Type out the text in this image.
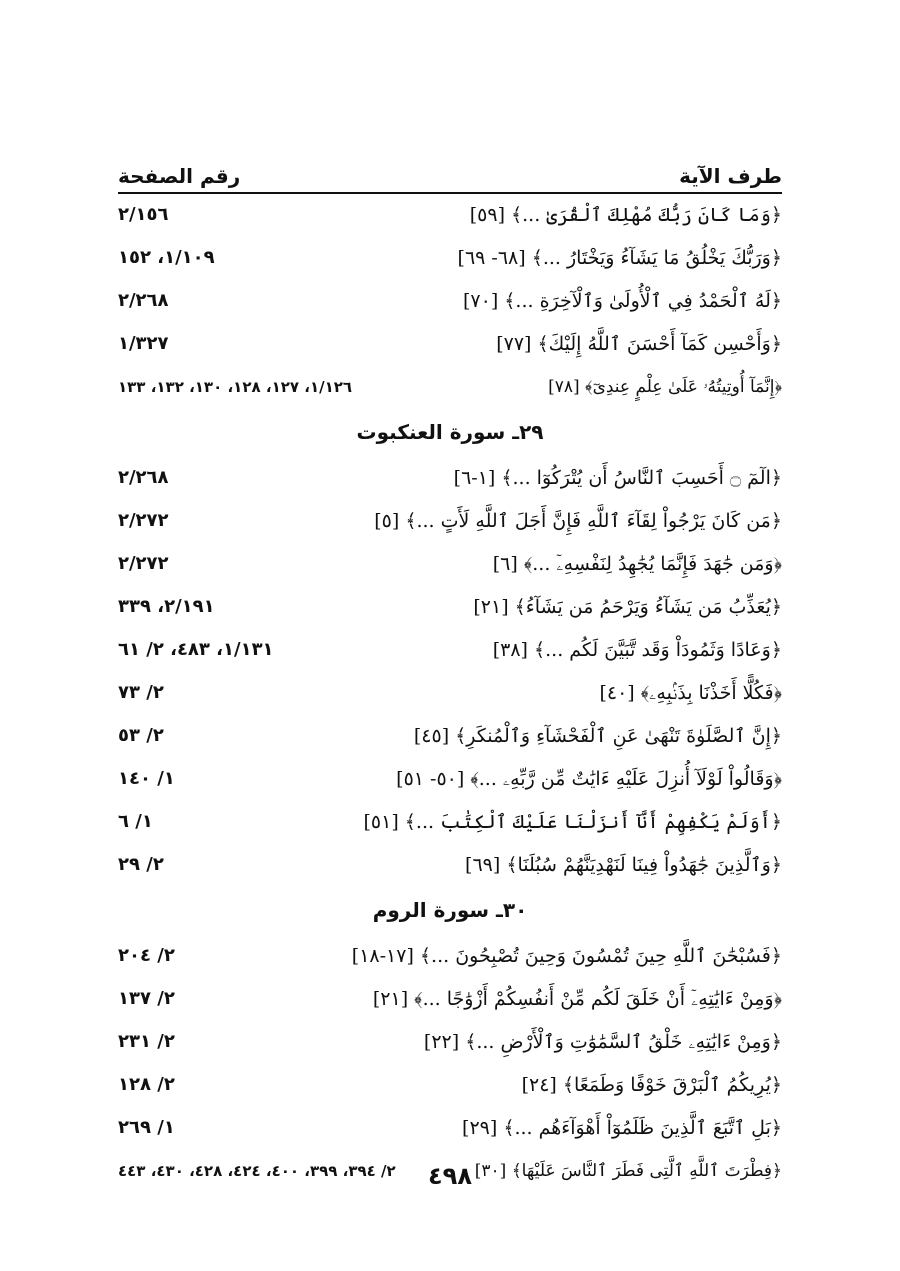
طرف الآية
رقم الصفحة
﴿وَمَا كَانَ رَبُّكَ مُهْلِكَ ٱلْقُرَىٰ ...﴾ [٥٩]
٢/١٥٦
﴿وَرَبُّكَ يَخْلُقُ مَا يَشَآءُ وَيَخْتَارُ ...﴾ [٦٨- ٦٩]
١/١٠٩، ١٥٢
﴿لَهُ ٱلْحَمْدُ فِي ٱلْأُولَىٰ وَٱلْآخِرَةِ ...﴾ [٧٠]
٢/٢٦٨
﴿وَأَحْسِن كَمَآ أَحْسَنَ ٱللَّهُ إِلَيْكَ﴾ [٧٧]
١/٣٢٧
﴿إِنَّمَآ أُوتِيتُهُۥ عَلَىٰ عِلْمٍ عِندِىٓ﴾ [٧٨]
١/١٢٦، ١٢٧، ١٢٨، ١٣٠، ١٣٢، ١٣٣
٢٩ـ سورة العنكبوت
﴿الٓمٓ ۝ أَحَسِبَ ٱلنَّاسُ أَن يُتْرَكُوٓا ...﴾ [١-٦]
٢/٢٦٨
﴿مَن كَانَ يَرْجُواْ لِقَآءَ ٱللَّهِ فَإِنَّ أَجَلَ ٱللَّهِ لَأَتٍ ...﴾ [٥]
٢/٢٧٢
﴿وَمَن جَٰهَدَ فَإِنَّمَا يُجَٰهِدُ لِنَفْسِهِۦٓ ...﴾ [٦]
٢/٢٧٢
﴿يُعَذِّبُ مَن يَشَآءُ وَيَرْحَمُ مَن يَشَآءُ﴾ [٢١]
٢/١٩١، ٣٣٩
﴿وَعَادًا وَثَمُودَاْ وَقَد تَّبَيَّنَ لَكُم ...﴾ [٣٨]
١/١٣١، ٤٨٣، ٢/ ٦١
﴿فَكُلًّا أَخَذْنَا بِذَنۢبِهِۦ﴾ [٤٠]
٢/ ٧٣
﴿إِنَّ ٱلصَّلَوٰةَ تَنْهَىٰ عَنِ ٱلْفَحْشَآءِ وَٱلْمُنكَرِ﴾ [٤٥]
٢/ ٥٣
﴿وَقَالُواْ لَوْلَآ أُنزِلَ عَلَيْهِ ءَايَٰتٌ مِّن رَّبِّهِۦ ...﴾ [٥٠- ٥١]
١/ ١٤٠
﴿أَوَلَمْ يَكْفِهِمْ أَنَّآ أَنزَلْنَا عَلَيْكَ ٱلْكِتَٰبَ ...﴾ [٥١]
١/ ٦
﴿وَٱلَّذِينَ جَٰهَدُواْ فِينَا لَنَهْدِيَنَّهُمْ سُبُلَنَا﴾ [٦٩]
٢/ ٢٩
٣٠ـ سورة الروم
﴿فَسُبْحَٰنَ ٱللَّهِ حِينَ تُمْسُونَ وَحِينَ تُصْبِحُونَ ...﴾ [١٧-١٨]
٢/ ٢٠٤
﴿وَمِنْ ءَايَٰتِهِۦٓ أَنْ خَلَقَ لَكُم مِّنْ أَنفُسِكُمْ أَزْوَٰجًا ...﴾ [٢١]
٢/ ١٣٧
﴿وَمِنْ ءَايَٰتِهِۦ خَلْقُ ٱلسَّمَٰوَٰتِ وَٱلْأَرْضِ ...﴾ [٢٢]
٢/ ٢٣١
﴿يُرِيكُمُ ٱلْبَرْقَ خَوْفًا وَطَمَعًا﴾ [٢٤]
٢/ ١٢٨
﴿بَلِ ٱتَّبَعَ ٱلَّذِينَ ظَلَمُوٓاْ أَهْوَآءَهُم ...﴾ [٢٩]
١/ ٢٦٩
﴿فِطْرَتَ ٱللَّهِ ٱلَّتِى فَطَرَ ٱلنَّاسَ عَلَيْهَا﴾ [٣٠]
٢/ ٣٩٤، ٣٩٩، ٤٠٠، ٤٢٤، ٤٢٨، ٤٣٠، ٤٤٣	٤٩٨
